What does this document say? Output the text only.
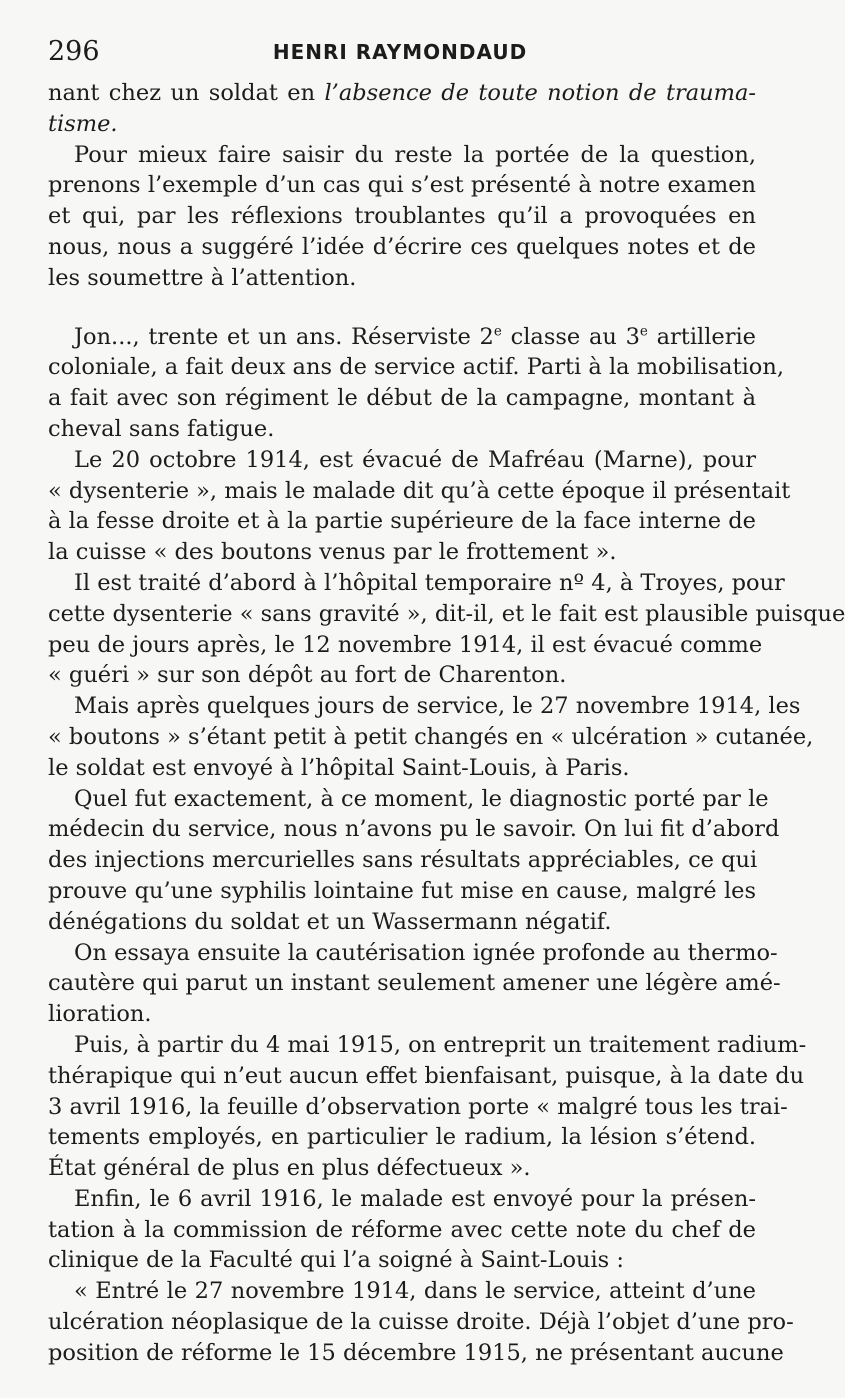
296	HENRI RAYMONDAUD
nant chez un soldat en l’absence de toute notion de trauma-
tisme.
Pour mieux faire saisir du reste la portée de la question,
prenons l’exemple d’un cas qui s’est présenté à notre examen
et qui, par les réflexions troublantes qu’il a provoquées en
nous, nous a suggéré l’idée d’écrire ces quelques notes et de
les soumettre à l’attention.
Jon..., trente et un ans. Réserviste 2e classe au 3e artillerie
coloniale, a fait deux ans de service actif. Parti à la mobilisation,
a fait avec son régiment le début de la campagne, montant à
cheval sans fatigue.
Le 20 octobre 1914, est évacué de Mafréau (Marne), pour
« dysenterie », mais le malade dit qu’à cette époque il présentait
à la fesse droite et à la partie supérieure de la face interne de
la cuisse « des boutons venus par le frottement ».
Il est traité d’abord à l’hôpital temporaire nº 4, à Troyes, pour
cette dysenterie « sans gravité », dit-il, et le fait est plausible puisque
peu de jours après, le 12 novembre 1914, il est évacué comme
« guéri » sur son dépôt au fort de Charenton.
Mais après quelques jours de service, le 27 novembre 1914, les
« boutons » s’étant petit à petit changés en « ulcération » cutanée,
le soldat est envoyé à l’hôpital Saint-Louis, à Paris.
Quel fut exactement, à ce moment, le diagnostic porté par le
médecin du service, nous n’avons pu le savoir. On lui fit d’abord
des injections mercurielles sans résultats appréciables, ce qui
prouve qu’une syphilis lointaine fut mise en cause, malgré les
dénégations du soldat et un Wassermann négatif.
On essaya ensuite la cautérisation ignée profonde au thermo-
cautère qui parut un instant seulement amener une légère amé-
lioration.
Puis, à partir du 4 mai 1915, on entreprit un traitement radium-
thérapique qui n’eut aucun effet bienfaisant, puisque, à la date du
3 avril 1916, la feuille d’observation porte « malgré tous les trai-
tements employés, en particulier le radium, la lésion s’étend.
État général de plus en plus défectueux ».
Enfin, le 6 avril 1916, le malade est envoyé pour la présen-
tation à la commission de réforme avec cette note du chef de
clinique de la Faculté qui l’a soigné à Saint-Louis :
« Entré le 27 novembre 1914, dans le service, atteint d’une
ulcération néoplasique de la cuisse droite. Déjà l’objet d’une pro-
position de réforme le 15 décembre 1915, ne présentant aucune
